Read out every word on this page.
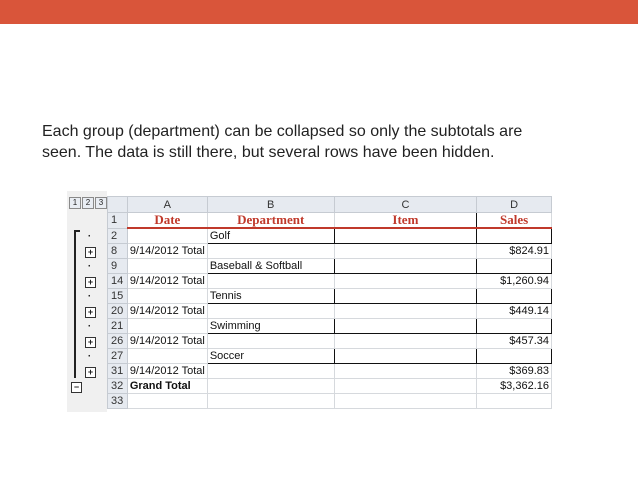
Each group (department) can be collapsed so only the subtotals are seen. The data is still there, but several rows have been hidden.
1	2	3
·
+
·
+
·
+
·
+
·
+
−
	A	B	C	D
1	Date	Department	Item	Sales
2		Golf		
8	9/14/2012 Total			$824.91
9		Baseball & Softball		
14	9/14/2012 Total			$1,260.94
15		Tennis		
20	9/14/2012 Total			$449.14
21		Swimming		
26	9/14/2012 Total			$457.34
27		Soccer		
31	9/14/2012 Total			$369.83
32	Grand Total			$3,362.16
33				
